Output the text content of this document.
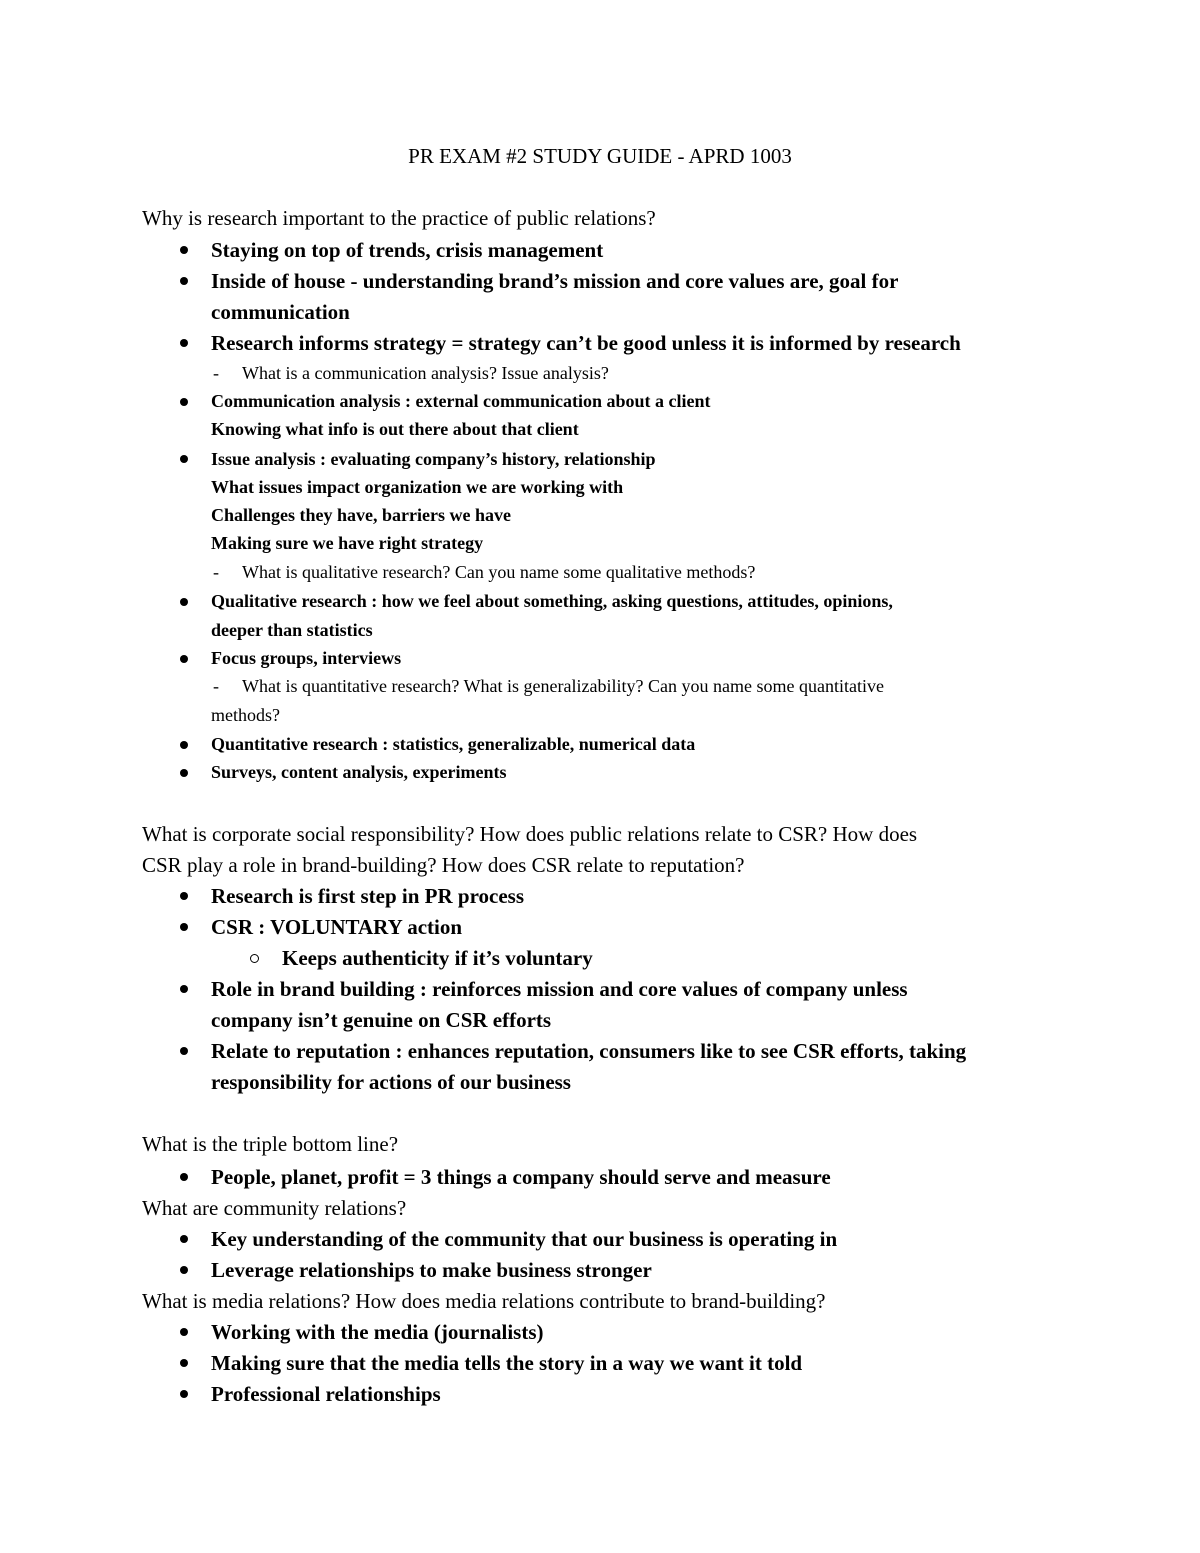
PR EXAM #2 STUDY GUIDE - APRD 1003
Why is research important to the practice of public relations?
Staying on top of trends, crisis management
Inside of house - understanding brand’s mission and core values are, goal for
communication
Research informs strategy = strategy can’t be good unless it is informed by research
- What is a communication analysis? Issue analysis?
Communication analysis : external communication about a client
Knowing what info is out there about that client
Issue analysis : evaluating company’s history, relationship
What issues impact organization we are working with
Challenges they have, barriers we have
Making sure we have right strategy
- What is qualitative research? Can you name some qualitative methods?
Qualitative research : how we feel about something, asking questions, attitudes, opinions,
deeper than statistics
Focus groups, interviews
- What is quantitative research? What is generalizability? Can you name some quantitative
methods?
Quantitative research : statistics, generalizable, numerical data
Surveys, content analysis, experiments
What is corporate social responsibility? How does public relations relate to CSR? How does
CSR play a role in brand-building? How does CSR relate to reputation?
Research is first step in PR process
CSR : VOLUNTARY action
Keeps authenticity if it’s voluntary
Role in brand building : reinforces mission and core values of company unless
company isn’t genuine on CSR efforts
Relate to reputation : enhances reputation, consumers like to see CSR efforts, taking
responsibility for actions of our business
What is the triple bottom line?
People, planet, profit = 3 things a company should serve and measure
What are community relations?
Key understanding of the community that our business is operating in
Leverage relationships to make business stronger
What is media relations? How does media relations contribute to brand-building?
Working with the media (journalists)
Making sure that the media tells the story in a way we want it told
Professional relationships
